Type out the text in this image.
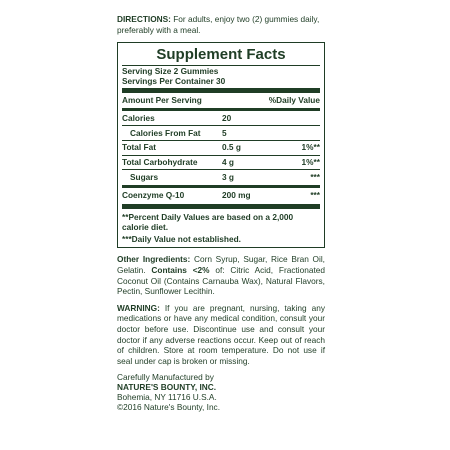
DIRECTIONS: For adults, enjoy two (2) gummies daily, preferably with a meal.

Supplement Facts
Serving Size 2 Gummies
Servings Per Container 30
Amount Per Serving	%Daily Value
Calories	20
Calories From Fat	5
Total Fat	0.5 g	1%**
Total Carbohydrate	4 g	1%**
Sugars	3 g	***
Coenzyme Q-10	200 mg	***
**Percent Daily Values are based on a 2,000 calorie diet.
***Daily Value not established.

Other Ingredients: Corn Syrup, Sugar, Rice Bran Oil, Gelatin. Contains <2% of: Citric Acid, Fractionated Coconut Oil (Contains Carnauba Wax), Natural Flavors, Pectin, Sunflower Lecithin.

WARNING: If you are pregnant, nursing, taking any medications or have any medical condition, consult your doctor before use. Discontinue use and consult your doctor if any adverse reactions occur. Keep out of reach of children. Store at room temperature. Do not use if seal under cap is broken or missing.

Carefully Manufactured by
NATURE'S BOUNTY, INC.
Bohemia, NY 11716 U.S.A.
©2016 Nature's Bounty, Inc.
